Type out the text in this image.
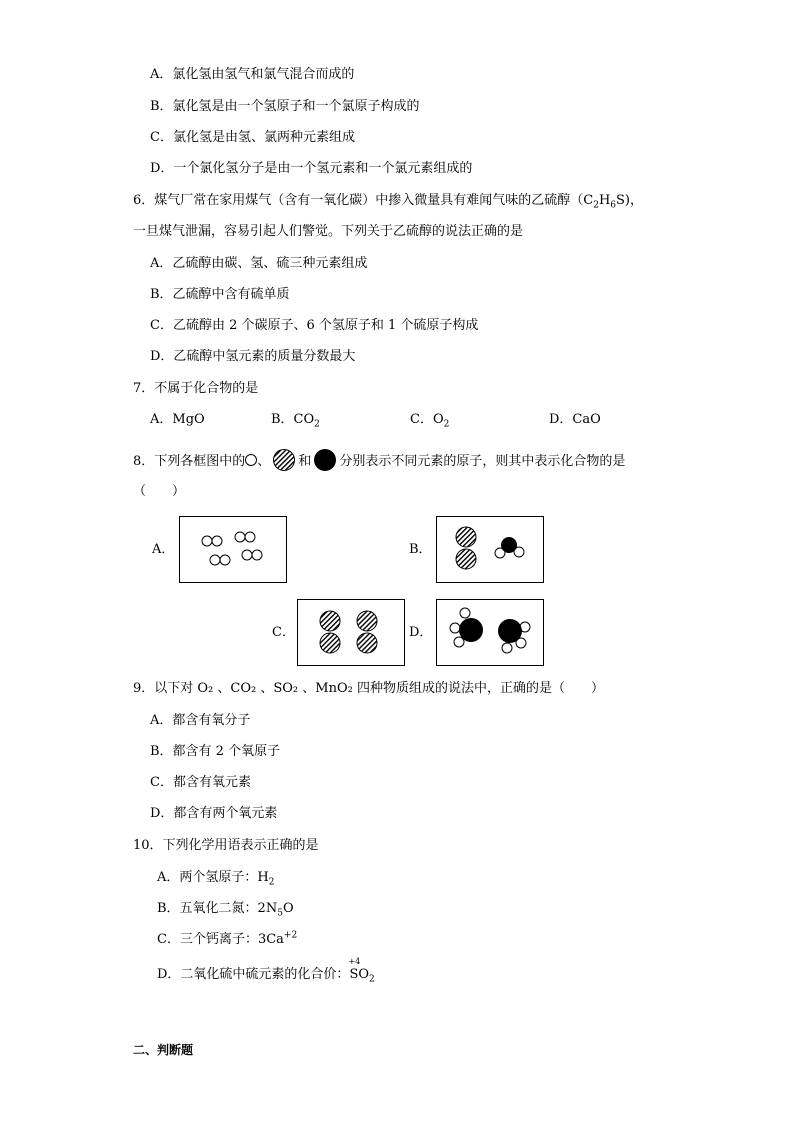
A．氯化氢由氢气和氯气混合而成的
B．氯化氢是由一个氢原子和一个氯原子构成的
C．氯化氢是由氢、氯两种元素组成
D．一个氯化氢分子是由一个氢元素和一个氯元素组成的
6．煤气厂常在家用煤气（含有一氧化碳）中掺入微量具有难闻气味的乙硫醇$(C_2H_6S)$，
一旦煤气泄漏，容易引起人们警觉。下列关于乙硫醇的说法正确的是
A．乙硫醇由碳、氢、硫三种元素组成
B．乙硫醇中含有硫单质
C．乙硫醇由 2 个碳原子、6 个氢原子和 1 个硫原子构成
D．乙硫醇中氢元素的质量分数最大
7．不属于化合物的是
A．MgO	B．$CO_2$	C．$O_2$	D．CaO
8．下列各框图中的 、 和 分别表示不同元素的原子，则其中表示化合物的是
（　　）
A．	B．
C．	D．
9．以下对 O₂ 、CO₂ 、SO₂ 、MnO₂ 四种物质组成的说法中，正确的是（　　）
A．都含有氧分子
B．都含有 2 个氧原子
C．都含有氧元素
D．都含有两个氧元素
10．下列化学用语表示正确的是
A．两个氢原子：$H_2$
B．五氧化二氮：$2N_5O$
C．三个钙离子：$3Ca^{+2}$
D．二氧化硫中硫元素的化合价：
+4
$SO_2$
二、判断题
